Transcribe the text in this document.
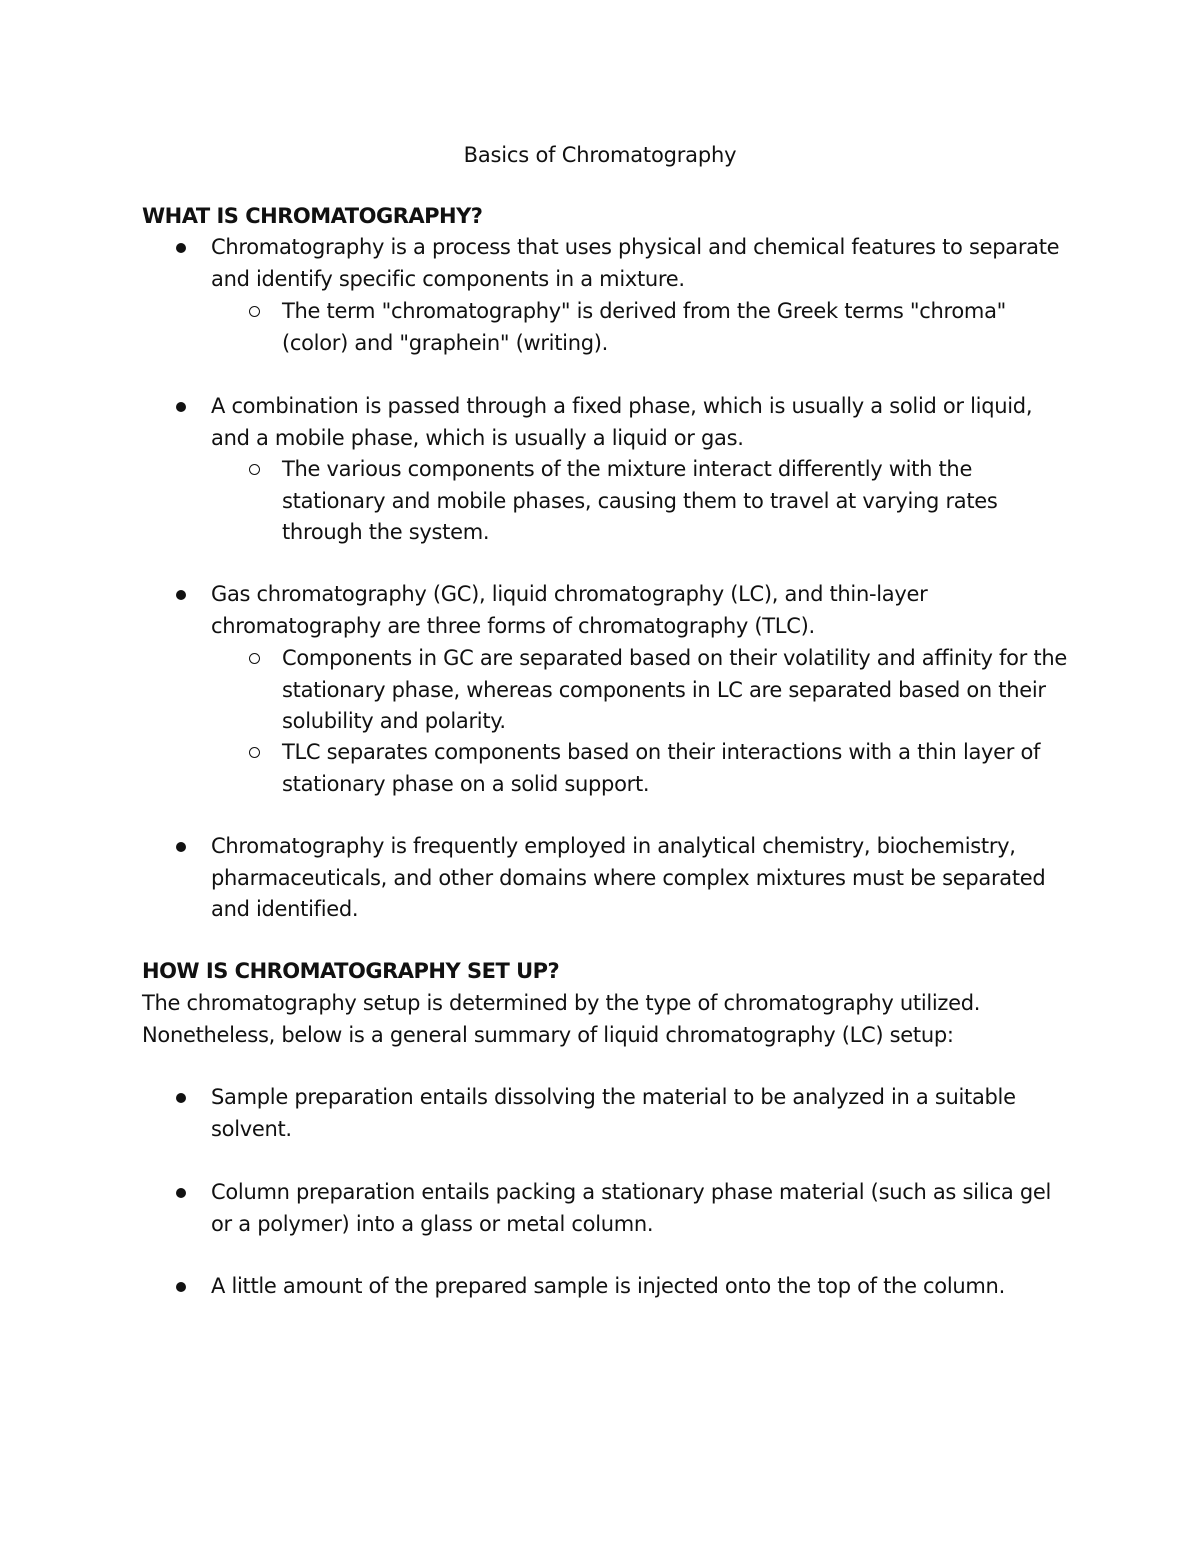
Basics of Chromatography
WHAT IS CHROMATOGRAPHY?
Chromatography is a process that uses physical and chemical features to separate and identify specific components in a mixture.
The term "chromatography" is derived from the Greek terms "chroma" (color) and "graphein" (writing).
A combination is passed through a fixed phase, which is usually a solid or liquid, and a mobile phase, which is usually a liquid or gas.
The various components of the mixture interact differently with the stationary and mobile phases, causing them to travel at varying rates through the system.
Gas chromatography (GC), liquid chromatography (LC), and thin-layer chromatography are three forms of chromatography (TLC).
Components in GC are separated based on their volatility and affinity for the stationary phase, whereas components in LC are separated based on their solubility and polarity.
TLC separates components based on their interactions with a thin layer of stationary phase on a solid support.
Chromatography is frequently employed in analytical chemistry, biochemistry, pharmaceuticals, and other domains where complex mixtures must be separated and identified.
HOW IS CHROMATOGRAPHY SET UP?
The chromatography setup is determined by the type of chromatography utilized. Nonetheless, below is a general summary of liquid chromatography (LC) setup:
Sample preparation entails dissolving the material to be analyzed in a suitable solvent.
Column preparation entails packing a stationary phase material (such as silica gel or a polymer) into a glass or metal column.
A little amount of the prepared sample is injected onto the top of the column.
